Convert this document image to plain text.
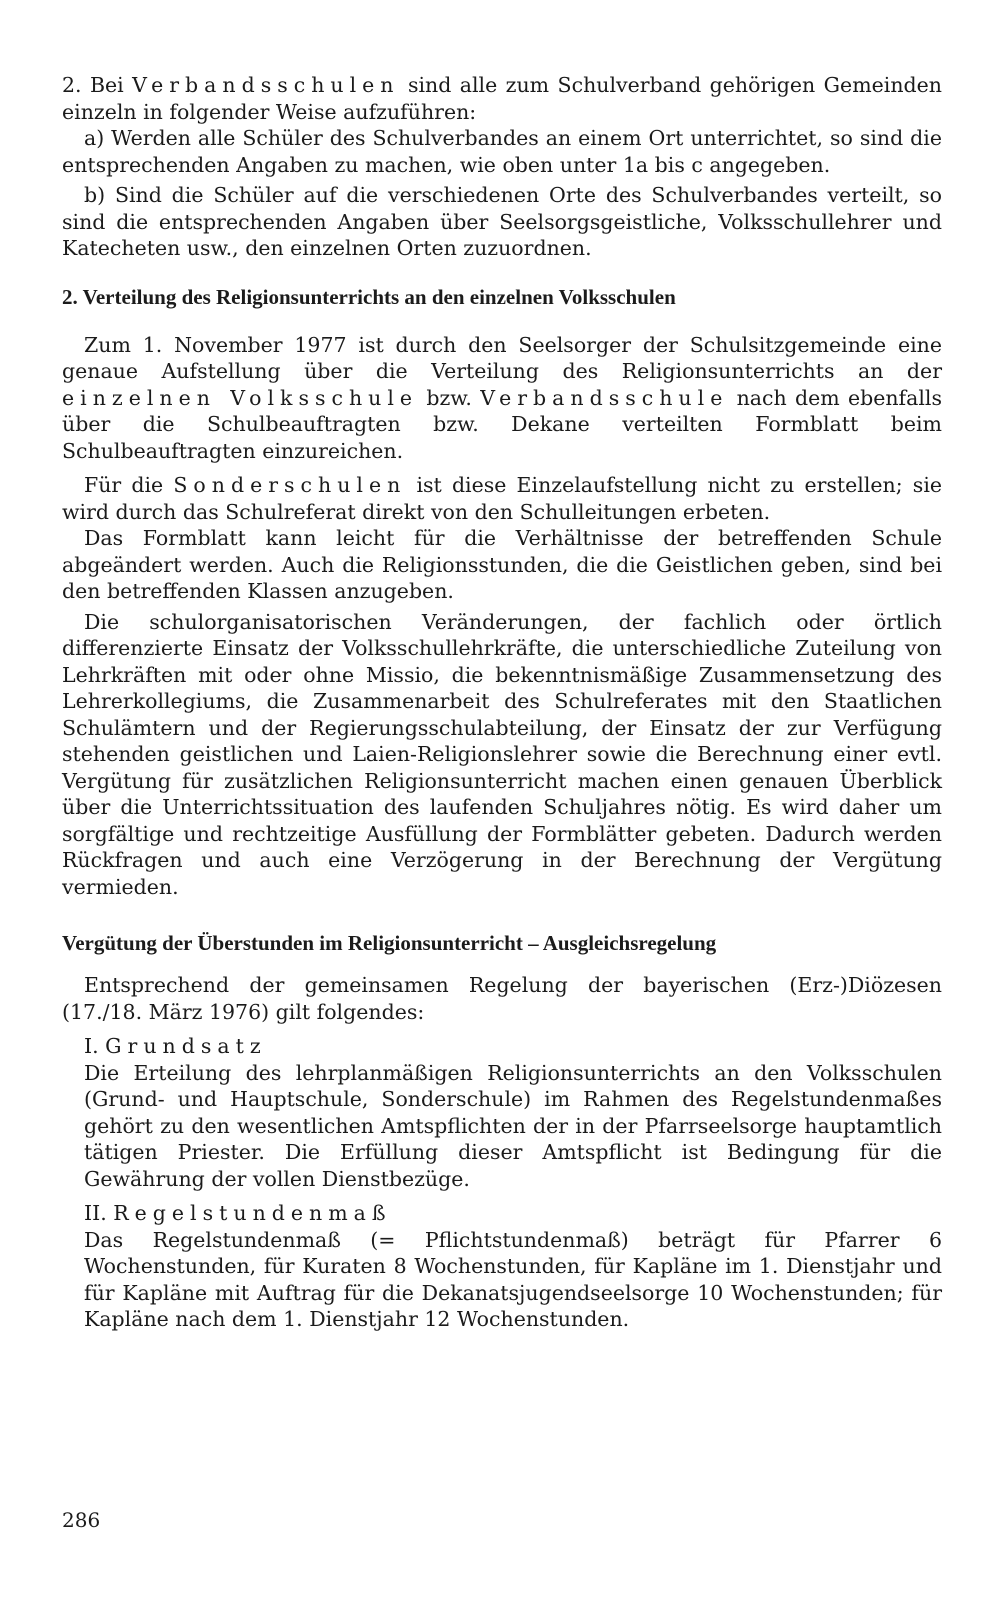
2. Bei Verbandsschulen sind alle zum Schulverband gehörigen Gemeinden einzeln in folgender Weise aufzuführen:

a) Werden alle Schüler des Schulverbandes an einem Ort unterrichtet, so sind die entsprechenden Angaben zu machen, wie oben unter 1a bis c angegeben.

b) Sind die Schüler auf die verschiedenen Orte des Schulverbandes verteilt, so sind die entsprechenden Angaben über Seelsorgsgeistliche, Volksschullehrer und Katecheten usw., den einzelnen Orten zuzuordnen.

2. Verteilung des Religionsunterrichts an den einzelnen Volksschulen

Zum 1. November 1977 ist durch den Seelsorger der Schulsitzgemeinde eine genaue Aufstellung über die Verteilung des Religionsunterrichts an der einzelnen Volksschule bzw. Verbandsschule nach dem ebenfalls über die Schulbeauftragten bzw. Dekane verteilten Formblatt beim Schulbeauftragten einzureichen.

Für die Sonderschulen ist diese Einzelaufstellung nicht zu erstellen; sie wird durch das Schulreferat direkt von den Schulleitungen erbeten.

Das Formblatt kann leicht für die Verhältnisse der betreffenden Schule abgeändert werden. Auch die Religionsstunden, die die Geistlichen geben, sind bei den betreffenden Klassen anzugeben.

Die schulorganisatorischen Veränderungen, der fachlich oder örtlich differenzierte Einsatz der Volksschullehrkräfte, die unterschiedliche Zuteilung von Lehrkräften mit oder ohne Missio, die bekenntnismäßige Zusammensetzung des Lehrerkollegiums, die Zusammenarbeit des Schulreferates mit den Staatlichen Schulämtern und der Regierungsschulabteilung, der Einsatz der zur Verfügung stehenden geistlichen und Laien-Religionslehrer sowie die Berechnung einer evtl. Vergütung für zusätzlichen Religionsunterricht machen einen genauen Überblick über die Unterrichtssituation des laufenden Schuljahres nötig. Es wird daher um sorgfältige und rechtzeitige Ausfüllung der Formblätter gebeten. Dadurch werden Rückfragen und auch eine Verzögerung in der Berechnung der Vergütung vermieden.

Vergütung der Überstunden im Religionsunterricht – Ausgleichsregelung

Entsprechend der gemeinsamen Regelung der bayerischen (Erz-)Diözesen (17./18. März 1976) gilt folgendes:

I. Grundsatz

Die Erteilung des lehrplanmäßigen Religionsunterrichts an den Volksschulen (Grund- und Hauptschule, Sonderschule) im Rahmen des Regelstundenmaßes gehört zu den wesentlichen Amtspflichten der in der Pfarrseelsorge hauptamtlich tätigen Priester. Die Erfüllung dieser Amtspflicht ist Bedingung für die Gewährung der vollen Dienstbezüge.

II. Regelstundenmaß

Das Regelstundenmaß (= Pflichtstundenmaß) beträgt für Pfarrer 6 Wochenstunden, für Kuraten 8 Wochenstunden, für Kapläne im 1. Dienstjahr und für Kapläne mit Auftrag für die Dekanatsjugendseelsorge 10 Wochenstunden; für Kapläne nach dem 1. Dienstjahr 12 Wochenstunden.

286
